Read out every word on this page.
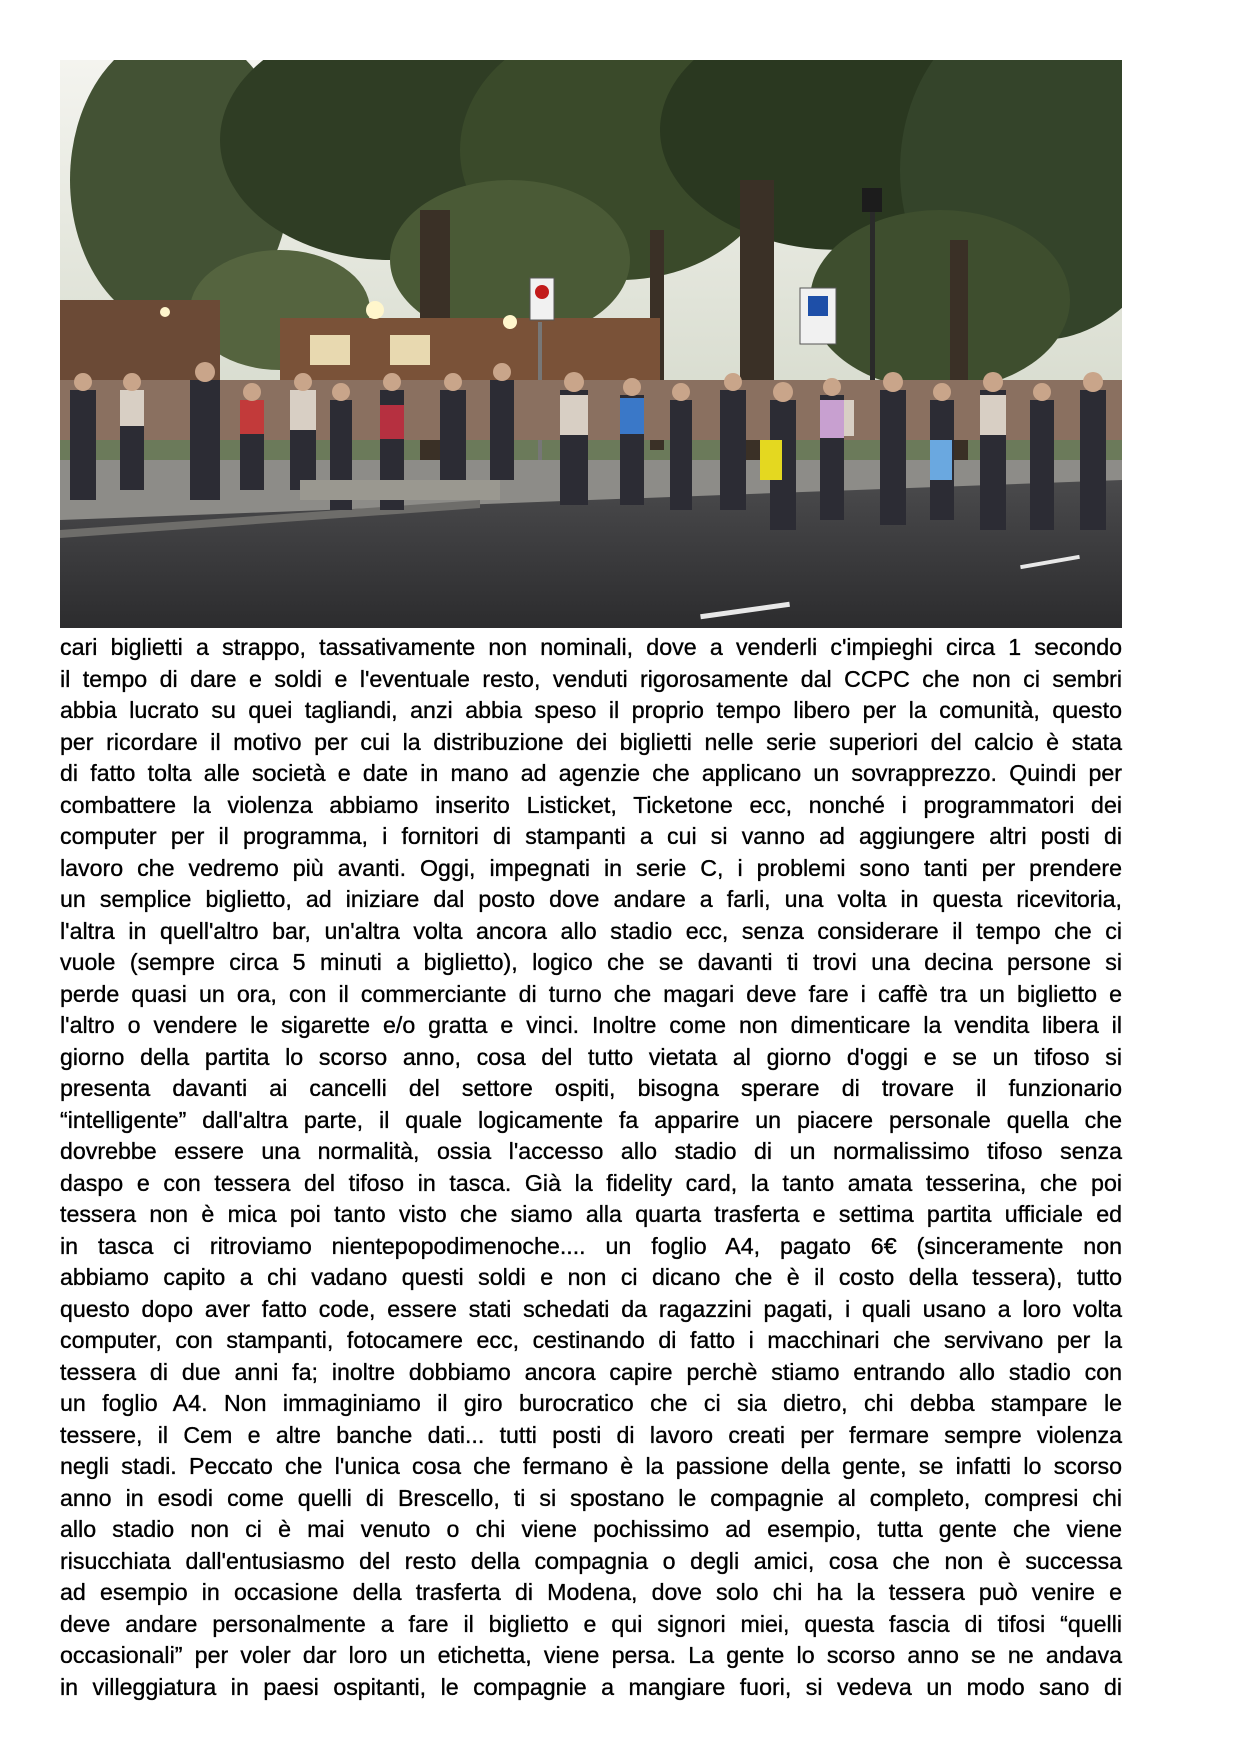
cari biglietti a strappo, tassativamente non nominali, dove a venderli c'impieghi circa 1 secondo
il tempo di dare e soldi e l'eventuale resto, venduti rigorosamente dal CCPC che non ci sembri
abbia lucrato su quei tagliandi, anzi abbia speso il proprio tempo libero per la comunità, questo
per ricordare il motivo per cui la distribuzione dei biglietti nelle serie superiori del calcio è stata
di fatto tolta alle società e date in mano ad agenzie che applicano un sovrapprezzo. Quindi per
combattere la violenza abbiamo inserito Listicket, Ticketone ecc, nonché i programmatori dei
computer per il programma, i fornitori di stampanti a cui si vanno ad aggiungere altri posti di
lavoro che vedremo più avanti. Oggi, impegnati in serie C, i problemi sono tanti per prendere
un semplice biglietto, ad iniziare dal posto dove andare a farli, una volta in questa ricevitoria,
l'altra in quell'altro bar, un'altra volta ancora allo stadio ecc, senza considerare il tempo che ci
vuole (sempre circa 5 minuti a biglietto), logico che se davanti ti trovi una decina persone si
perde quasi un ora, con il commerciante di turno che magari deve fare i caffè tra un biglietto e
l'altro o vendere le sigarette e/o gratta e vinci. Inoltre come non dimenticare la vendita libera il
giorno della partita lo scorso anno, cosa del tutto vietata al giorno d'oggi e se un tifoso si
presenta davanti ai cancelli del settore ospiti, bisogna sperare di trovare il funzionario
“intelligente” dall'altra parte, il quale logicamente fa apparire un piacere personale quella che
dovrebbe essere una normalità, ossia l'accesso allo stadio di un normalissimo tifoso senza
daspo e con tessera del tifoso in tasca. Già la fidelity card, la tanto amata tesserina, che poi
tessera non è mica poi tanto visto che siamo alla quarta trasferta e settima partita ufficiale ed
in tasca ci ritroviamo nientepopodimenoche.... un foglio A4, pagato 6€ (sinceramente non
abbiamo capito a chi vadano questi soldi e non ci dicano che è il costo della tessera), tutto
questo dopo aver fatto code, essere stati schedati da ragazzini pagati, i quali usano a loro volta
computer, con stampanti, fotocamere ecc, cestinando di fatto i macchinari che servivano per la
tessera di due anni fa; inoltre dobbiamo ancora capire perchè stiamo entrando allo stadio con
un foglio A4. Non immaginiamo il giro burocratico che ci sia dietro, chi debba stampare le
tessere, il Cem e altre banche dati... tutti posti di lavoro creati per fermare sempre violenza
negli stadi. Peccato che l'unica cosa che fermano è la passione della gente, se infatti lo scorso
anno in esodi come quelli di Brescello, ti si spostano le compagnie al completo, compresi chi
allo stadio non ci è mai venuto o chi viene pochissimo ad esempio, tutta gente che viene
risucchiata dall'entusiasmo del resto della compagnia o degli amici, cosa che non è successa
ad esempio in occasione della trasferta di Modena, dove solo chi ha la tessera può venire e
deve andare personalmente a fare il biglietto e qui signori miei, questa fascia di tifosi “quelli
occasionali” per voler dar loro un etichetta, viene persa. La gente lo scorso anno se ne andava
in villeggiatura in paesi ospitanti, le compagnie a mangiare fuori, si vedeva un modo sano di
